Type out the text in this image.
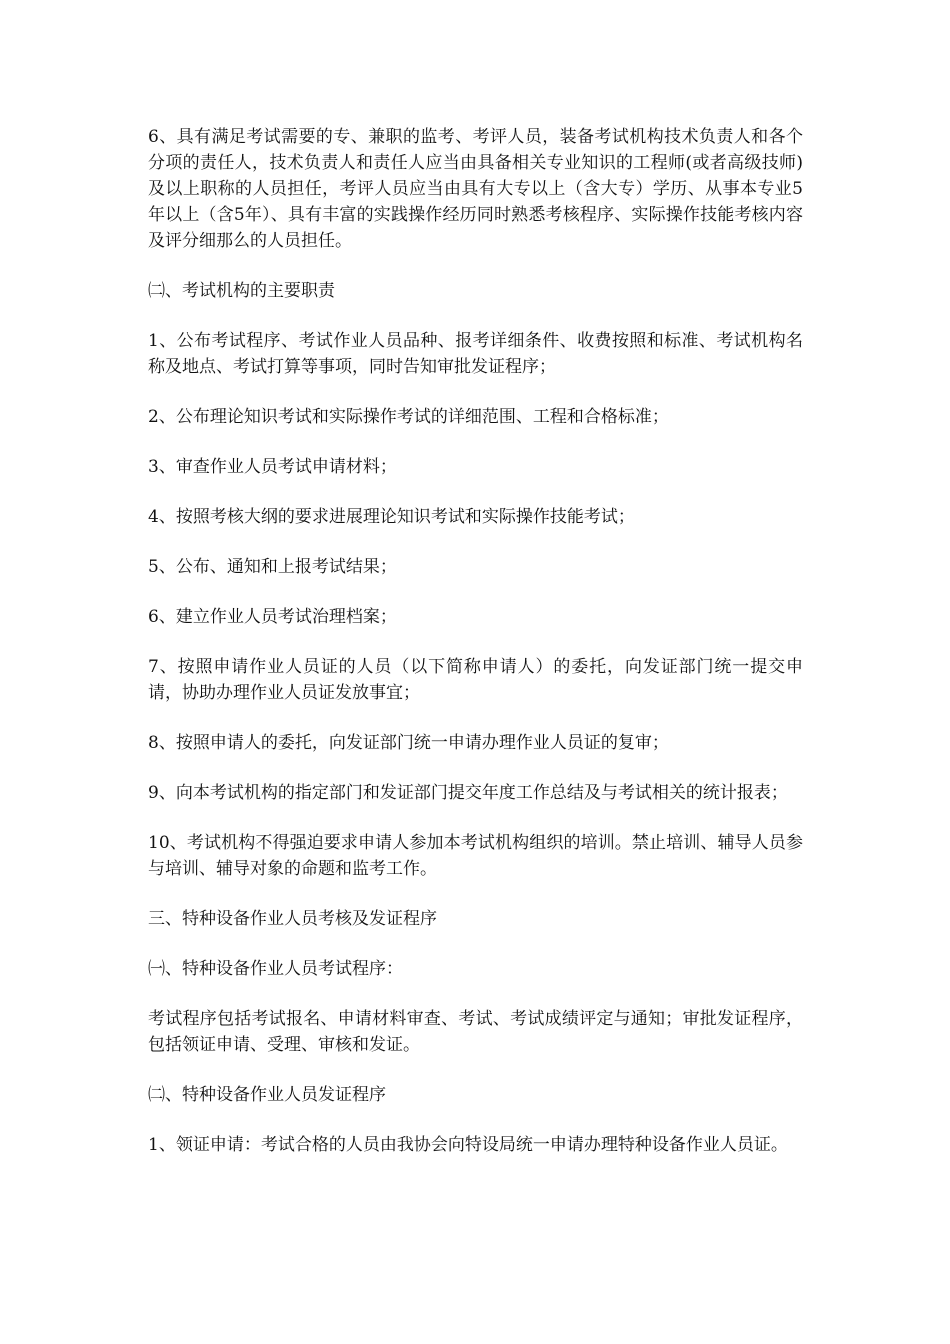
6、具有满足考试需要的专、兼职的监考、考评人员，装备考试机构技术负责人和各个分项的责任人，技术负责人和责任人应当由具备相关专业知识的工程师(或者高级技师)及以上职称的人员担任，考评人员应当由具有大专以上（含大专）学历、从事本专业5年以上（含5年）、具有丰富的实践操作经历同时熟悉考核程序、实际操作技能考核内容及评分细那么的人员担任。

㈡、考试机构的主要职责

1、公布考试程序、考试作业人员品种、报考详细条件、收费按照和标准、考试机构名称及地点、考试打算等事项，同时告知审批发证程序；

2、公布理论知识考试和实际操作考试的详细范围、工程和合格标准；

3、审查作业人员考试申请材料；

4、按照考核大纲的要求进展理论知识考试和实际操作技能考试；

5、公布、通知和上报考试结果；

6、建立作业人员考试治理档案；

7、按照申请作业人员证的人员（以下简称申请人）的委托，向发证部门统一提交申请，协助办理作业人员证发放事宜；

8、按照申请人的委托，向发证部门统一申请办理作业人员证的复审；

9、向本考试机构的指定部门和发证部门提交年度工作总结及与考试相关的统计报表；

10、考试机构不得强迫要求申请人参加本考试机构组织的培训。禁止培训、辅导人员参与培训、辅导对象的命题和监考工作。

三、特种设备作业人员考核及发证程序

㈠、特种设备作业人员考试程序：

考试程序包括考试报名、申请材料审查、考试、考试成绩评定与通知；审批发证程序，包括领证申请、受理、审核和发证。

㈡、特种设备作业人员发证程序

1、领证申请：考试合格的人员由我协会向特设局统一申请办理特种设备作业人员证。
